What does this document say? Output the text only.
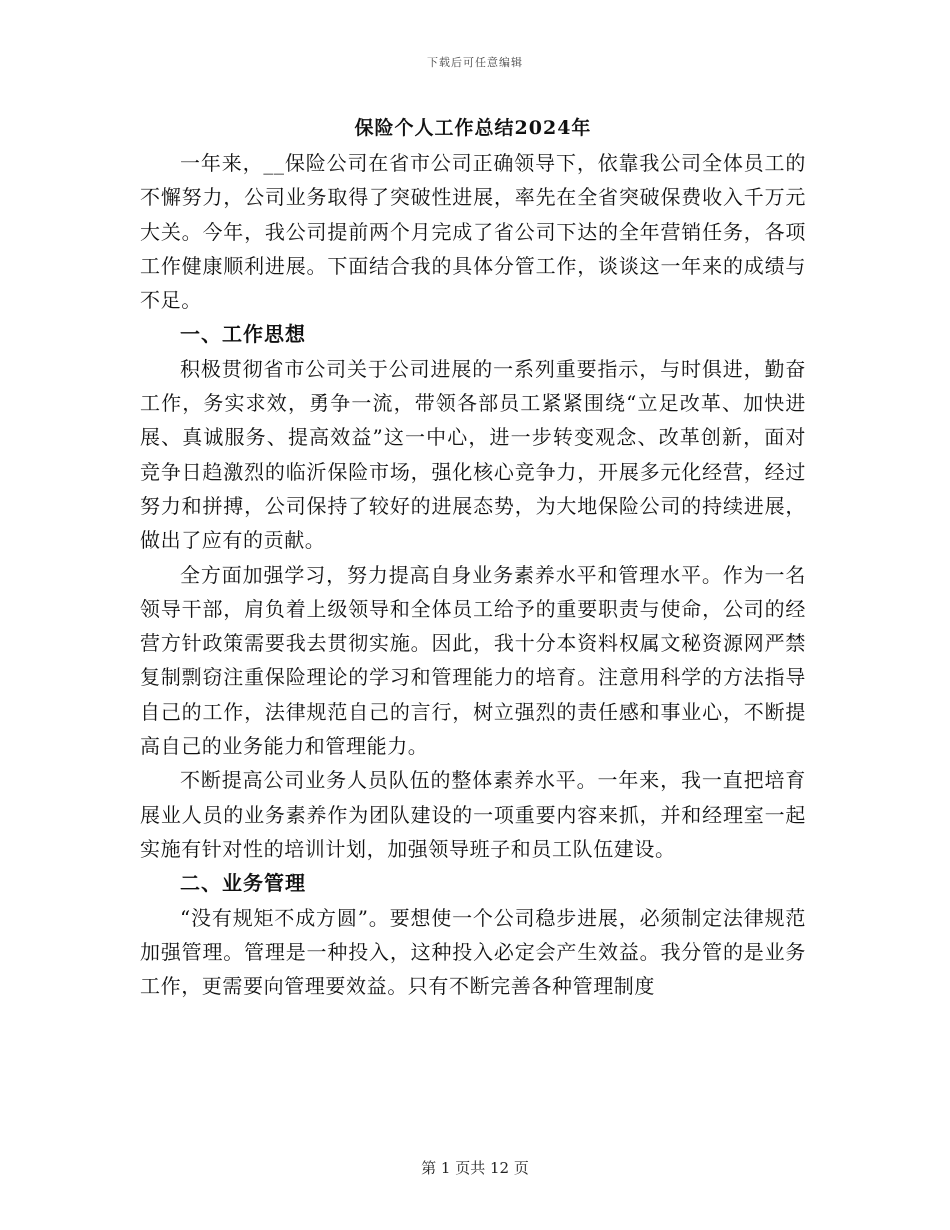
下载后可任意编辑
保险个人工作总结2024年

一年来，__保险公司在省市公司正确领导下，依靠我公司全体员工的不懈努力，公司业务取得了突破性进展，率先在全省突破保费收入千万元大关。今年，我公司提前两个月完成了省公司下达的全年营销任务，各项工作健康顺利进展。下面结合我的具体分管工作，谈谈这一年来的成绩与不足。

一、工作思想

积极贯彻省市公司关于公司进展的一系列重要指示，与时俱进，勤奋工作，务实求效，勇争一流，带领各部员工紧紧围绕“立足改革、加快进展、真诚服务、提高效益”这一中心，进一步转变观念、改革创新，面对竞争日趋激烈的临沂保险市场，强化核心竞争力，开展多元化经营，经过努力和拼搏，公司保持了较好的进展态势，为大地保险公司的持续进展，做出了应有的贡献。

全方面加强学习，努力提高自身业务素养水平和管理水平。作为一名领导干部，肩负着上级领导和全体员工给予的重要职责与使命，公司的经营方针政策需要我去贯彻实施。因此，我十分本资料权属文秘资源网严禁复制剽窃注重保险理论的学习和管理能力的培育。注意用科学的方法指导自己的工作，法律规范自己的言行，树立强烈的责任感和事业心，不断提高自己的业务能力和管理能力。

不断提高公司业务人员队伍的整体素养水平。一年来，我一直把培育展业人员的业务素养作为团队建设的一项重要内容来抓，并和经理室一起实施有针对性的培训计划，加强领导班子和员工队伍建设。

二、业务管理

“没有规矩不成方圆”。要想使一个公司稳步进展，必须制定法律规范加强管理。管理是一种投入，这种投入必定会产生效益。我分管的是业务工作，更需要向管理要效益。只有不断完善各种管理制度

第 1 页共 12 页
